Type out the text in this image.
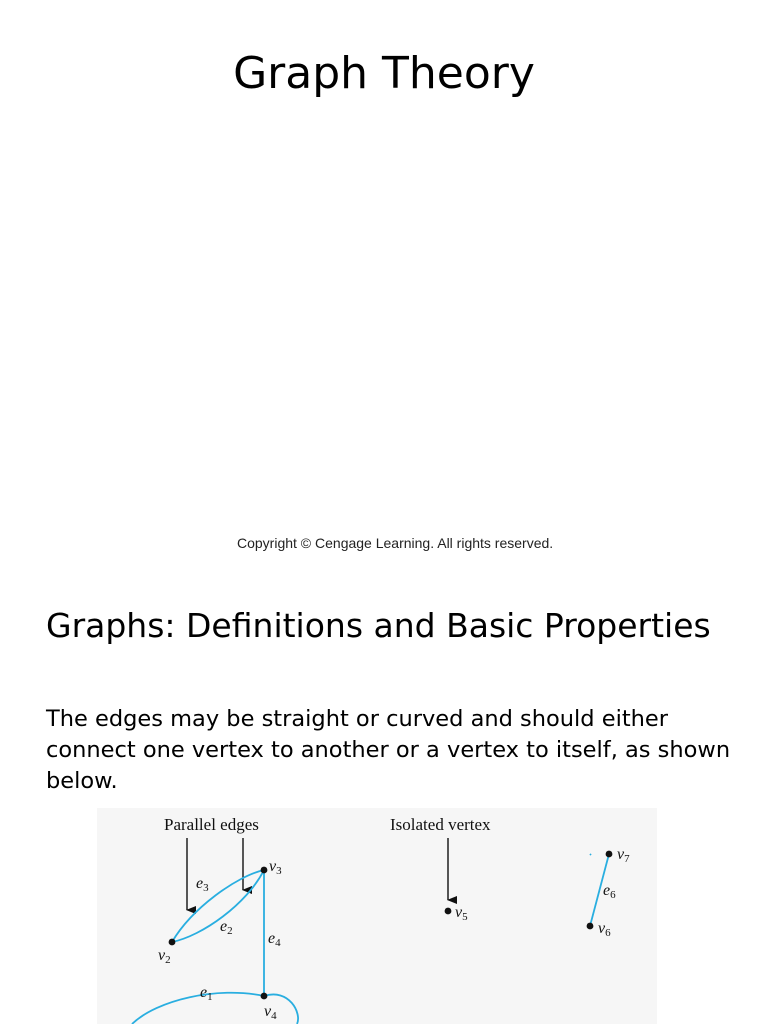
Graph Theory
Copyright © Cengage Learning. All rights reserved.
Graphs: Definitions and Basic Properties
The edges may be straight or curved and should either connect one vertex to another or a vertex to itself, as shown below.
Parallel edges	Isolated vertex
v3
v2
v4
v5
v6
v7
e3
e2 e4
e1
e6
